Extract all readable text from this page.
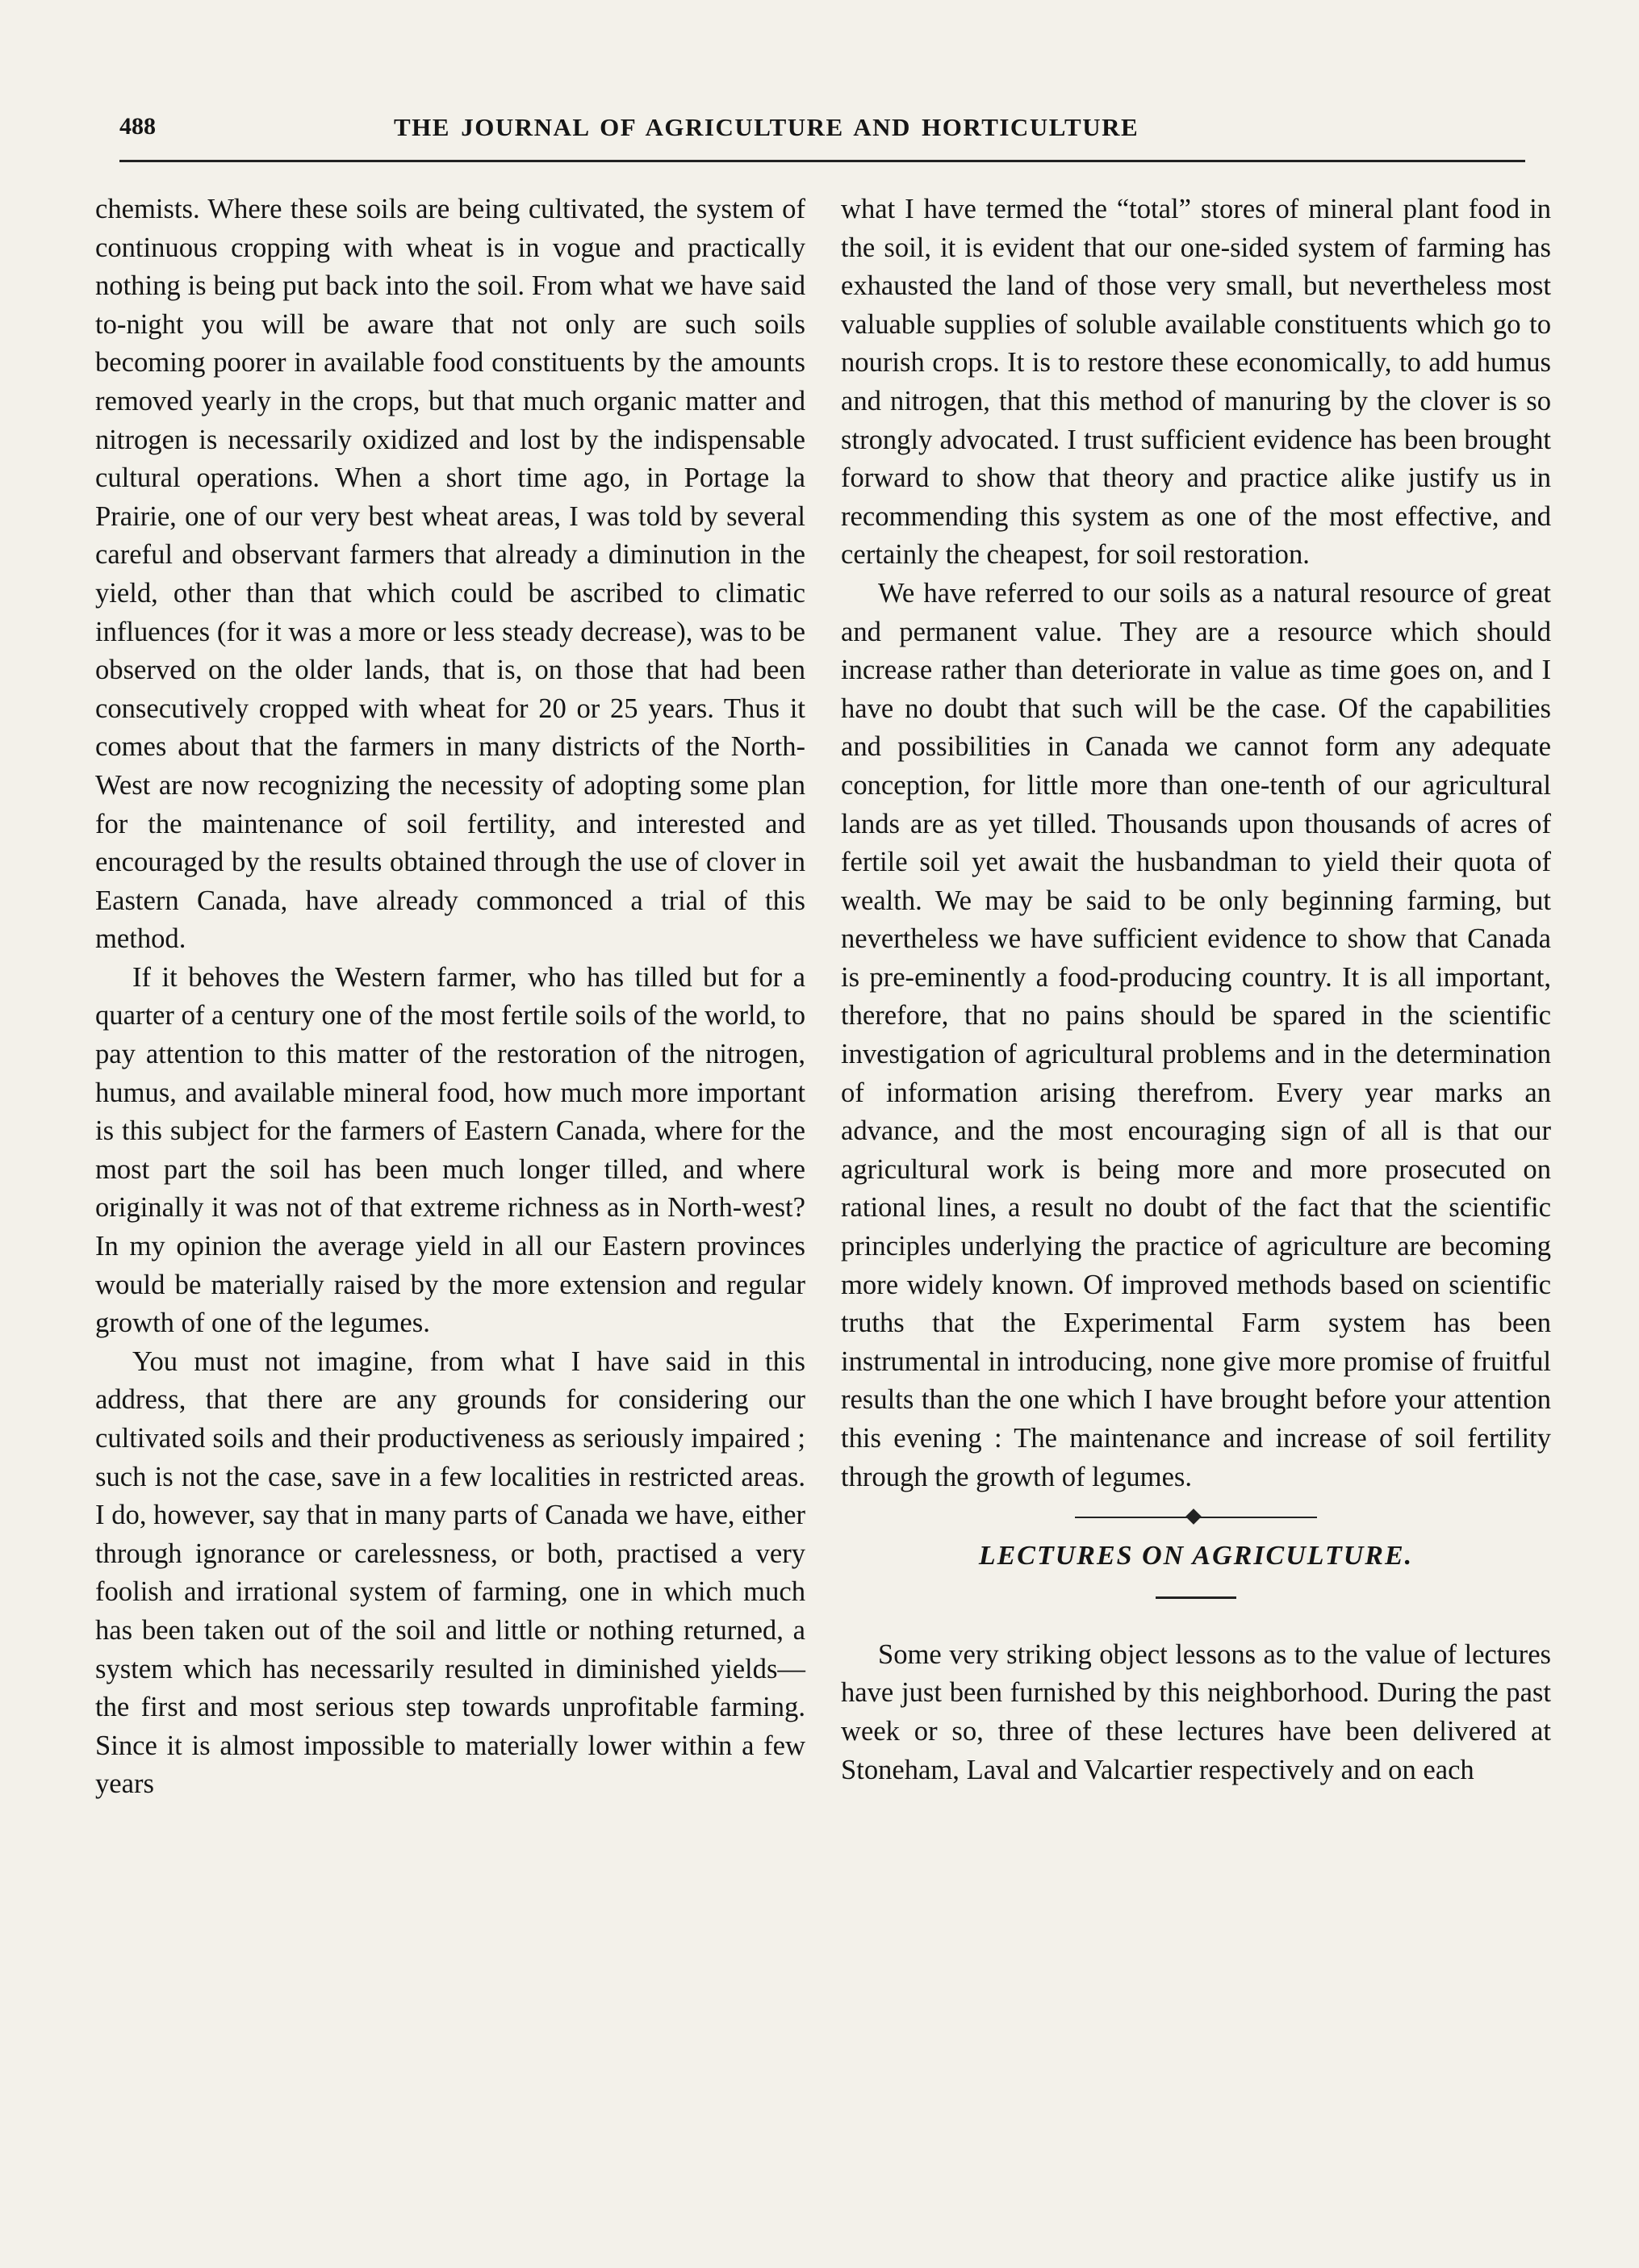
488	THE JOURNAL OF AGRICULTURE AND HORTICULTURE

chemists. Where these soils are being cultivated, the system of continuous cropping with wheat is in vogue and practically nothing is being put back into the soil. From what we have said to-night you will be aware that not only are such soils becoming poorer in available food constituents by the amounts removed yearly in the crops, but that much organic matter and nitrogen is necessarily oxidized and lost by the indispensable cultural operations. When a short time ago, in Portage la Prairie, one of our very best wheat areas, I was told by several careful and observant farmers that already a diminution in the yield, other than that which could be ascribed to climatic influences (for it was a more or less steady decrease), was to be observed on the older lands, that is, on those that had been consecutively cropped with wheat for 20 or 25 years. Thus it comes about that the farmers in many districts of the North-West are now recognizing the necessity of adopting some plan for the maintenance of soil fertility, and interested and encouraged by the results obtained through the use of clover in Eastern Canada, have already commonced a trial of this method.

If it behoves the Western farmer, who has tilled but for a quarter of a century one of the most fertile soils of the world, to pay attention to this matter of the restoration of the nitrogen, humus, and available mineral food, how much more important is this subject for the farmers of Eastern Canada, where for the most part the soil has been much longer tilled, and where originally it was not of that extreme richness as in North-west? In my opinion the average yield in all our Eastern provinces would be materially raised by the more extension and regular growth of one of the legumes.

You must not imagine, from what I have said in this address, that there are any grounds for considering our cultivated soils and their productiveness as seriously impaired ; such is not the case, save in a few localities in restricted areas. I do, however, say that in many parts of Canada we have, either through ignorance or carelessness, or both, practised a very foolish and irrational system of farming, one in which much has been taken out of the soil and little or nothing returned, a system which has necessarily resulted in diminished yields—the first and most serious step towards unprofitable farming. Since it is almost impossible to materially lower within a few years

what I have termed the “total” stores of mineral plant food in the soil, it is evident that our one-sided system of farming has exhausted the land of those very small, but nevertheless most valuable supplies of soluble available constituents which go to nourish crops. It is to restore these economically, to add humus and nitrogen, that this method of manuring by the clover is so strongly advocated. I trust sufficient evidence has been brought forward to show that theory and practice alike justify us in recommending this system as one of the most effective, and certainly the cheapest, for soil restoration.

We have referred to our soils as a natural resource of great and permanent value. They are a resource which should increase rather than deteriorate in value as time goes on, and I have no doubt that such will be the case. Of the capabilities and possibilities in Canada we cannot form any adequate conception, for little more than one-tenth of our agricultural lands are as yet tilled. Thousands upon thousands of acres of fertile soil yet await the husbandman to yield their quota of wealth. We may be said to be only beginning farming, but nevertheless we have sufficient evidence to show that Canada is pre-eminently a food-producing country. It is all important, therefore, that no pains should be spared in the scientific investigation of agricultural problems and in the determination of information arising therefrom. Every year marks an advance, and the most encouraging sign of all is that our agricultural work is being more and more prosecuted on rational lines, a result no doubt of the fact that the scientific principles underlying the practice of agriculture are becoming more widely known. Of improved methods based on scientific truths that the Experimental Farm system has been instrumental in introducing, none give more promise of fruitful results than the one which I have brought before your attention this evening : The maintenance and increase of soil fertility through the growth of legumes.

LECTURES ON AGRICULTURE.

Some very striking object lessons as to the value of lectures have just been furnished by this neighborhood. During the past week or so, three of these lectures have been delivered at Stoneham, Laval and Valcartier respectively and on each
